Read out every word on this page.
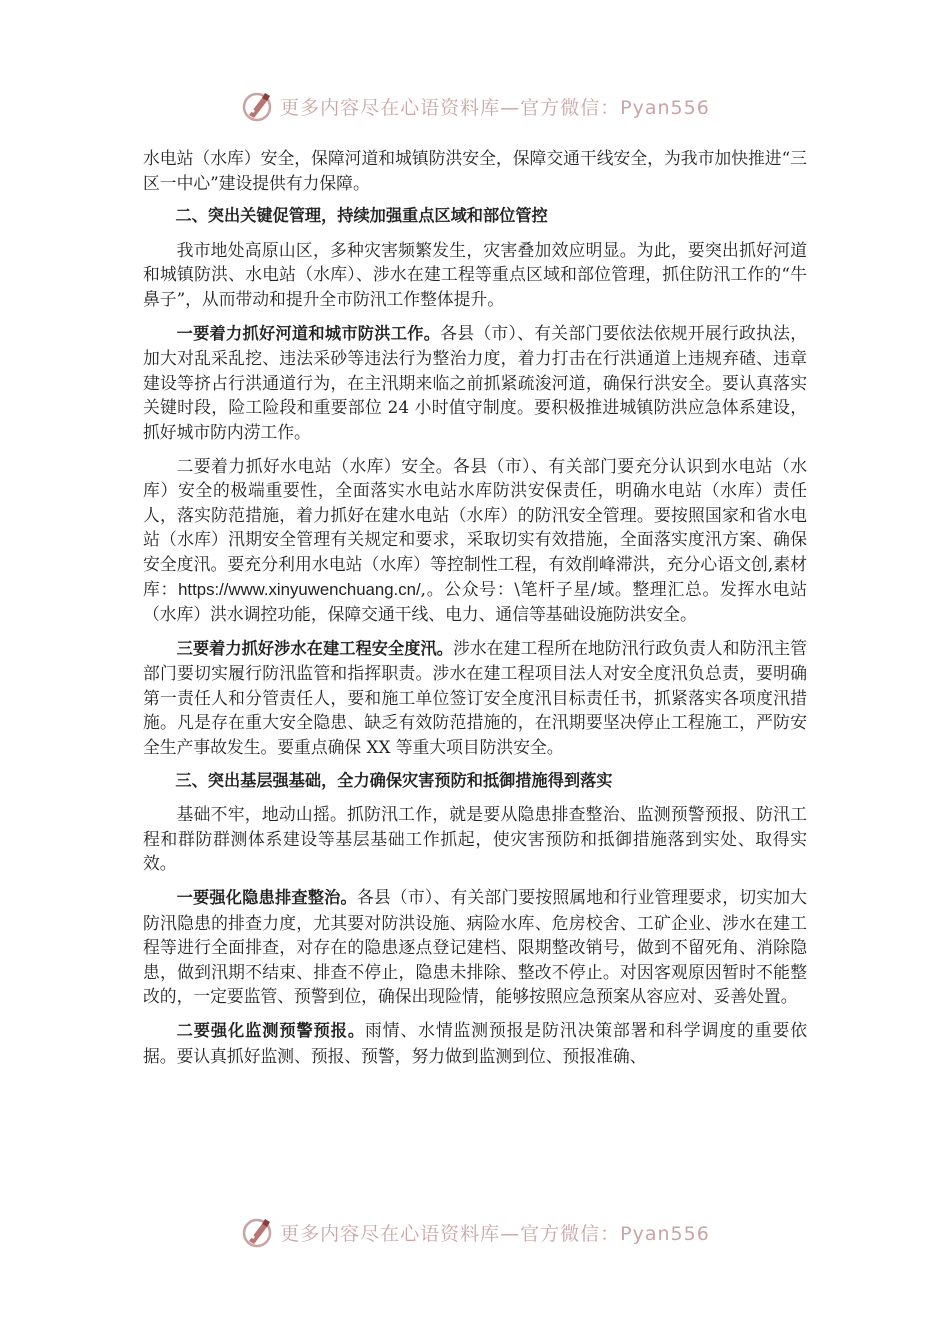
更多内容尽在心语资料库—官方微信：Pyan556

水电站（水库）安全，保障河道和城镇防洪安全，保障交通干线安全，为我市加快推进“三区一中心”建设提供有力保障。

二、突出关键促管理，持续加强重点区域和部位管控

我市地处高原山区，多种灾害频繁发生，灾害叠加效应明显。为此，要突出抓好河道和城镇防洪、水电站（水库）、涉水在建工程等重点区域和部位管理，抓住防汛工作的“牛鼻子”，从而带动和提升全市防汛工作整体提升。

一要着力抓好河道和城市防洪工作。各县（市）、有关部门要依法依规开展行政执法，加大对乱采乱挖、违法采砂等违法行为整治力度，着力打击在行洪通道上违规弃碴、违章建设等挤占行洪通道行为，在主汛期来临之前抓紧疏浚河道，确保行洪安全。要认真落实关键时段，险工险段和重要部位 24 小时值守制度。要积极推进城镇防洪应急体系建设，抓好城市防内涝工作。

二要着力抓好水电站（水库）安全。各县（市）、有关部门要充分认识到水电站（水库）安全的极端重要性，全面落实水电站水库防洪安保责任，明确水电站（水库）责任人，落实防范措施，着力抓好在建水电站（水库）的防汛安全管理。要按照国家和省水电站（水库）汛期安全管理有关规定和要求，采取切实有效措施，全面落实度汛方案、确保安全度汛。要充分利用水电站（水库）等控制性工程，有效削峰滞洪，充分心语文创,素材库：https://www.xinyuwenchuang.cn/,。公众号：\笔杆子星/域。整理汇总。发挥水电站（水库）洪水调控功能，保障交通干线、电力、通信等基础设施防洪安全。

三要着力抓好涉水在建工程安全度汛。涉水在建工程所在地防汛行政负责人和防汛主管部门要切实履行防汛监管和指挥职责。涉水在建工程项目法人对安全度汛负总责，要明确第一责任人和分管责任人，要和施工单位签订安全度汛目标责任书，抓紧落实各项度汛措施。凡是存在重大安全隐患、缺乏有效防范措施的，在汛期要坚决停止工程施工，严防安全生产事故发生。要重点确保 XX 等重大项目防洪安全。

三、突出基层强基础，全力确保灾害预防和抵御措施得到落实

基础不牢，地动山摇。抓防汛工作，就是要从隐患排查整治、监测预警预报、防汛工程和群防群测体系建设等基层基础工作抓起，使灾害预防和抵御措施落到实处、取得实效。

一要强化隐患排查整治。各县（市）、有关部门要按照属地和行业管理要求，切实加大防汛隐患的排查力度，尤其要对防洪设施、病险水库、危房校舍、工矿企业、涉水在建工程等进行全面排查，对存在的隐患逐点登记建档、限期整改销号，做到不留死角、消除隐患，做到汛期不结束、排查不停止，隐患未排除、整改不停止。对因客观原因暂时不能整改的，一定要监管、预警到位，确保出现险情，能够按照应急预案从容应对、妥善处置。

二要强化监测预警预报。雨情、水情监测预报是防汛决策部署和科学调度的重要依据。要认真抓好监测、预报、预警，努力做到监测到位、预报准确、

更多内容尽在心语资料库—官方微信：Pyan556
